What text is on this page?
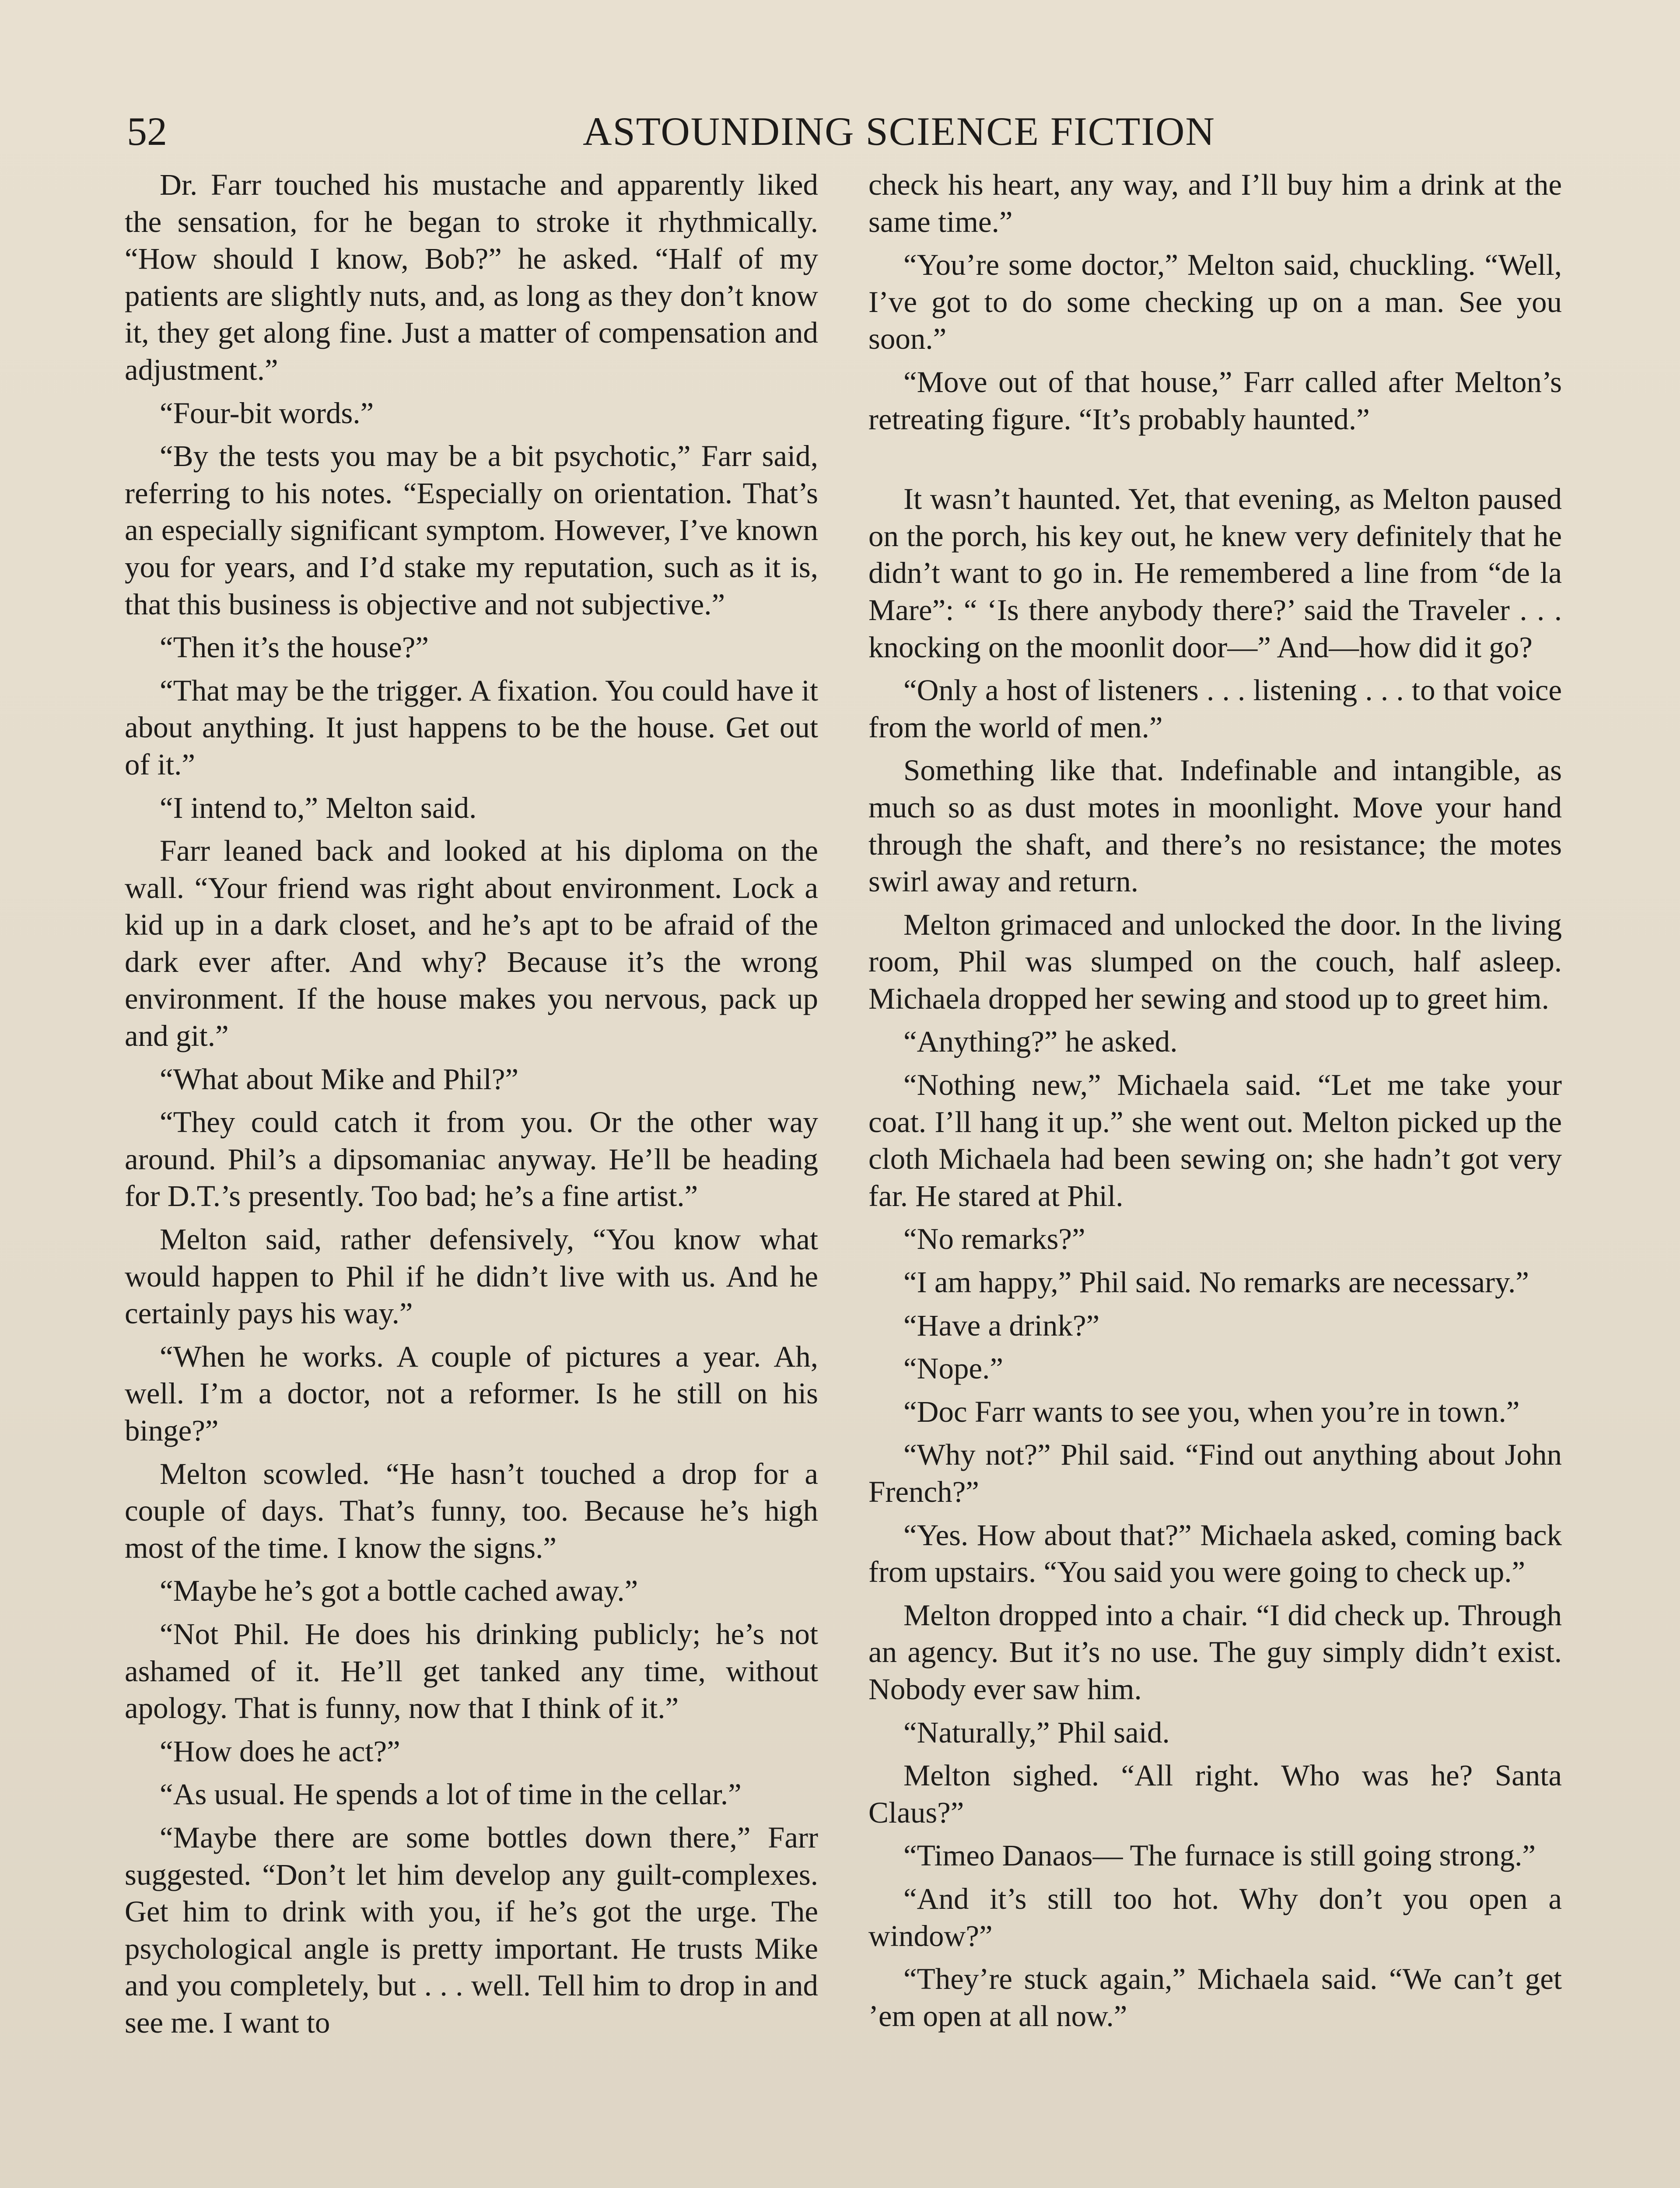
52	ASTOUNDING SCIENCE FICTION

Dr. Farr touched his mustache and apparently liked the sensation, for he began to stroke it rhythmically. “How should I know, Bob?” he asked. “Half of my patients are slightly nuts, and, as long as they don’t know it, they get along fine. Just a matter of compensation and adjustment.”

“Four-bit words.”

“By the tests you may be a bit psychotic,” Farr said, referring to his notes. “Especially on orientation. That’s an especially significant symptom. However, I’ve known you for years, and I’d stake my reputation, such as it is, that this business is objective and not subjective.”

“Then it’s the house?”

“That may be the trigger. A fixation. You could have it about anything. It just happens to be the house. Get out of it.”

“I intend to,” Melton said.

Farr leaned back and looked at his diploma on the wall. “Your friend was right about environment. Lock a kid up in a dark closet, and he’s apt to be afraid of the dark ever after. And why? Because it’s the wrong environment. If the house makes you nervous, pack up and git.”

“What about Mike and Phil?”

“They could catch it from you. Or the other way around. Phil’s a dipsomaniac anyway. He’ll be heading for D.T.’s presently. Too bad; he’s a fine artist.”

Melton said, rather defensively, “You know what would happen to Phil if he didn’t live with us. And he certainly pays his way.”

“When he works. A couple of pictures a year. Ah, well. I’m a doctor, not a reformer. Is he still on his binge?”

Melton scowled. “He hasn’t touched a drop for a couple of days. That’s funny, too. Because he’s high most of the time. I know the signs.”

“Maybe he’s got a bottle cached away.”

“Not Phil. He does his drinking publicly; he’s not ashamed of it. He’ll get tanked any time, without apology. That is funny, now that I think of it.”

“How does he act?”

“As usual. He spends a lot of time in the cellar.”

“Maybe there are some bottles down there,” Farr suggested. “Don’t let him develop any guilt-complexes. Get him to drink with you, if he’s got the urge. The psychological angle is pretty important. He trusts Mike and you completely, but . . . well. Tell him to drop in and see me. I want to

check his heart, any way, and I’ll buy him a drink at the same time.”

“You’re some doctor,” Melton said, chuckling. “Well, I’ve got to do some checking up on a man. See you soon.”

“Move out of that house,” Farr called after Melton’s retreating figure. “It’s probably haunted.”

It wasn’t haunted. Yet, that evening, as Melton paused on the porch, his key out, he knew very definitely that he didn’t want to go in. He remembered a line from “de la Mare”: “ ‘Is there anybody there?’ said the Traveler . . . knocking on the moonlit door—” And—how did it go?

“Only a host of listeners . . . listening . . . to that voice from the world of men.”

Something like that. Indefinable and intangible, as much so as dust motes in moonlight. Move your hand through the shaft, and there’s no resistance; the motes swirl away and return.

Melton grimaced and unlocked the door. In the living room, Phil was slumped on the couch, half asleep. Michaela dropped her sewing and stood up to greet him.

“Anything?” he asked.

“Nothing new,” Michaela said. “Let me take your coat. I’ll hang it up.” she went out. Melton picked up the cloth Michaela had been sewing on; she hadn’t got very far. He stared at Phil.

“No remarks?”

“I am happy,” Phil said. No remarks are necessary.”

“Have a drink?”

“Nope.”

“Doc Farr wants to see you, when you’re in town.”

“Why not?” Phil said. “Find out anything about John French?”

“Yes. How about that?” Michaela asked, coming back from upstairs. “You said you were going to check up.”

Melton dropped into a chair. “I did check up. Through an agency. But it’s no use. The guy simply didn’t exist. Nobody ever saw him.

“Naturally,” Phil said.

Melton sighed. “All right. Who was he? Santa Claus?”

“Timeo Danaos— The furnace is still going strong.”

“And it’s still too hot. Why don’t you open a window?”

“They’re stuck again,” Michaela said. “We can’t get ’em open at all now.”
